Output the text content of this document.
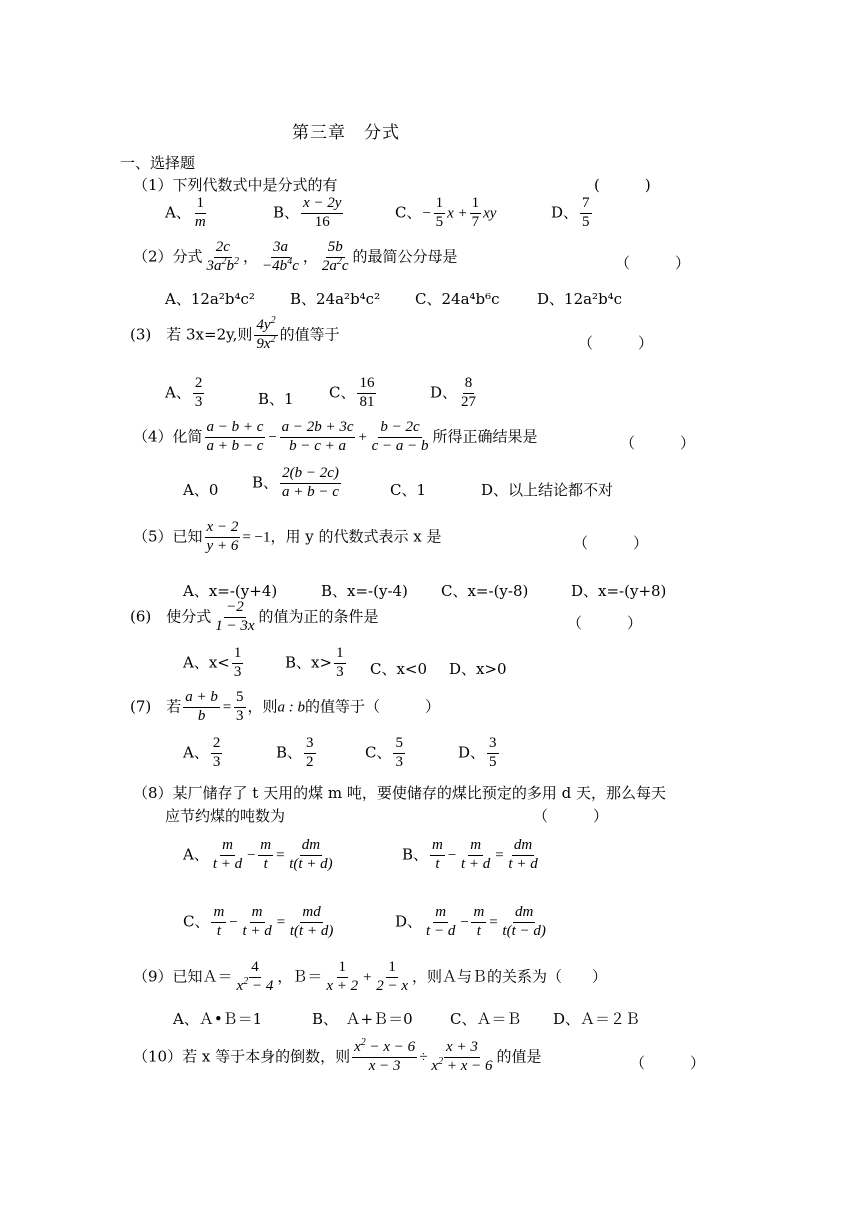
第三章　分式
一、选择题
（1）下列代数式中是分式的有	(　　　)
A、 $\frac{1}{m}$	B、 $\frac{x - 2y}{16}$	C、− $\frac{1}{5}$ $x + \frac{1}{7}$ xy	D、 $\frac{7}{5}$
（2）分式 $\frac{2c}{3a^2b^2}$ ， $\frac{3a}{-4b^4c}$ ， $\frac{5b}{2a^2c}$ 的最简公分母是	（　　　）
A、12a²b⁴c² B、24a²b⁴c² C、24a⁴b⁶c D、12a²b⁴c
(3)　若 3x=2y,则 $\frac{4y^2}{9x^2}$ 的值等于	（　　　）
A、 $\frac{2}{3}$	B、1 C、 $\frac{16}{81}$	D、 $\frac{8}{27}$
（4）化简 $\frac{a - b + c}{a + b - c} - \frac{a - 2b + 3c}{b - c + a} + \frac{b - 2c}{c - a - b}$ 所得正确结果是	（　　　）
A、0 B、 $\frac{2(b - 2c)}{a + b - c}$	C、1	D、以上结论都不对
（5）已知 $\frac{x - 2}{y + 6} = -1$，用 y 的代数式表示 x 是	（　　　）
A、x=-(y+4)	B、x=-(y-4) C、x=-(y-8)	D、x=-(y+8)
(6)　使分式 $\frac{-2}{1 - 3x}$ 的值为正的条件是	（　　　）
A、$x< \frac{1}{3}$	B、$x> \frac{1}{3}$ C、x<0 D、x>0
(7)　若 $\frac{a + b}{b} = \frac{5}{3}$ ，则a : b的值等于（　　　）
A、 $\frac{2}{3}$	B、 $\frac{3}{2}$	C、 $\frac{5}{3}$	D、 $\frac{3}{5}$
（8）某厂储存了 t 天用的煤 m 吨，要使储存的煤比预定的多用 d 天，那么每天
应节约煤的吨数为	（　　　）
A、 $\frac{m}{t + d} - \frac{m}{t} = \frac{dm}{t(t + d)}$	B、 $\frac{m}{t} - \frac{m}{t + d} = \frac{dm}{t + d}$
C、 $\frac{m}{t} - \frac{m}{t + d} = \frac{md}{t(t + d)}$	D、 $\frac{m}{t - d} - \frac{m}{t} = \frac{dm}{t(t - d)}$
（9）已知Ａ＝ $\frac{4}{x^2 - 4}$ ，Ｂ＝ $\frac{1}{x + 2} + \frac{1}{2 - x}$ ，则Ａ与Ｂ的关系为（　　）
A、Ａ•Ｂ＝1	B、　Ａ+Ｂ＝0 C、Ａ＝Ｂ D、Ａ＝２Ｂ
（10）若 x 等于本身的倒数，则 $\frac{x^2 - x - 6}{x - 3} \div \frac{x + 3}{x^2 + x - 6}$ 的值是	（　　　）
